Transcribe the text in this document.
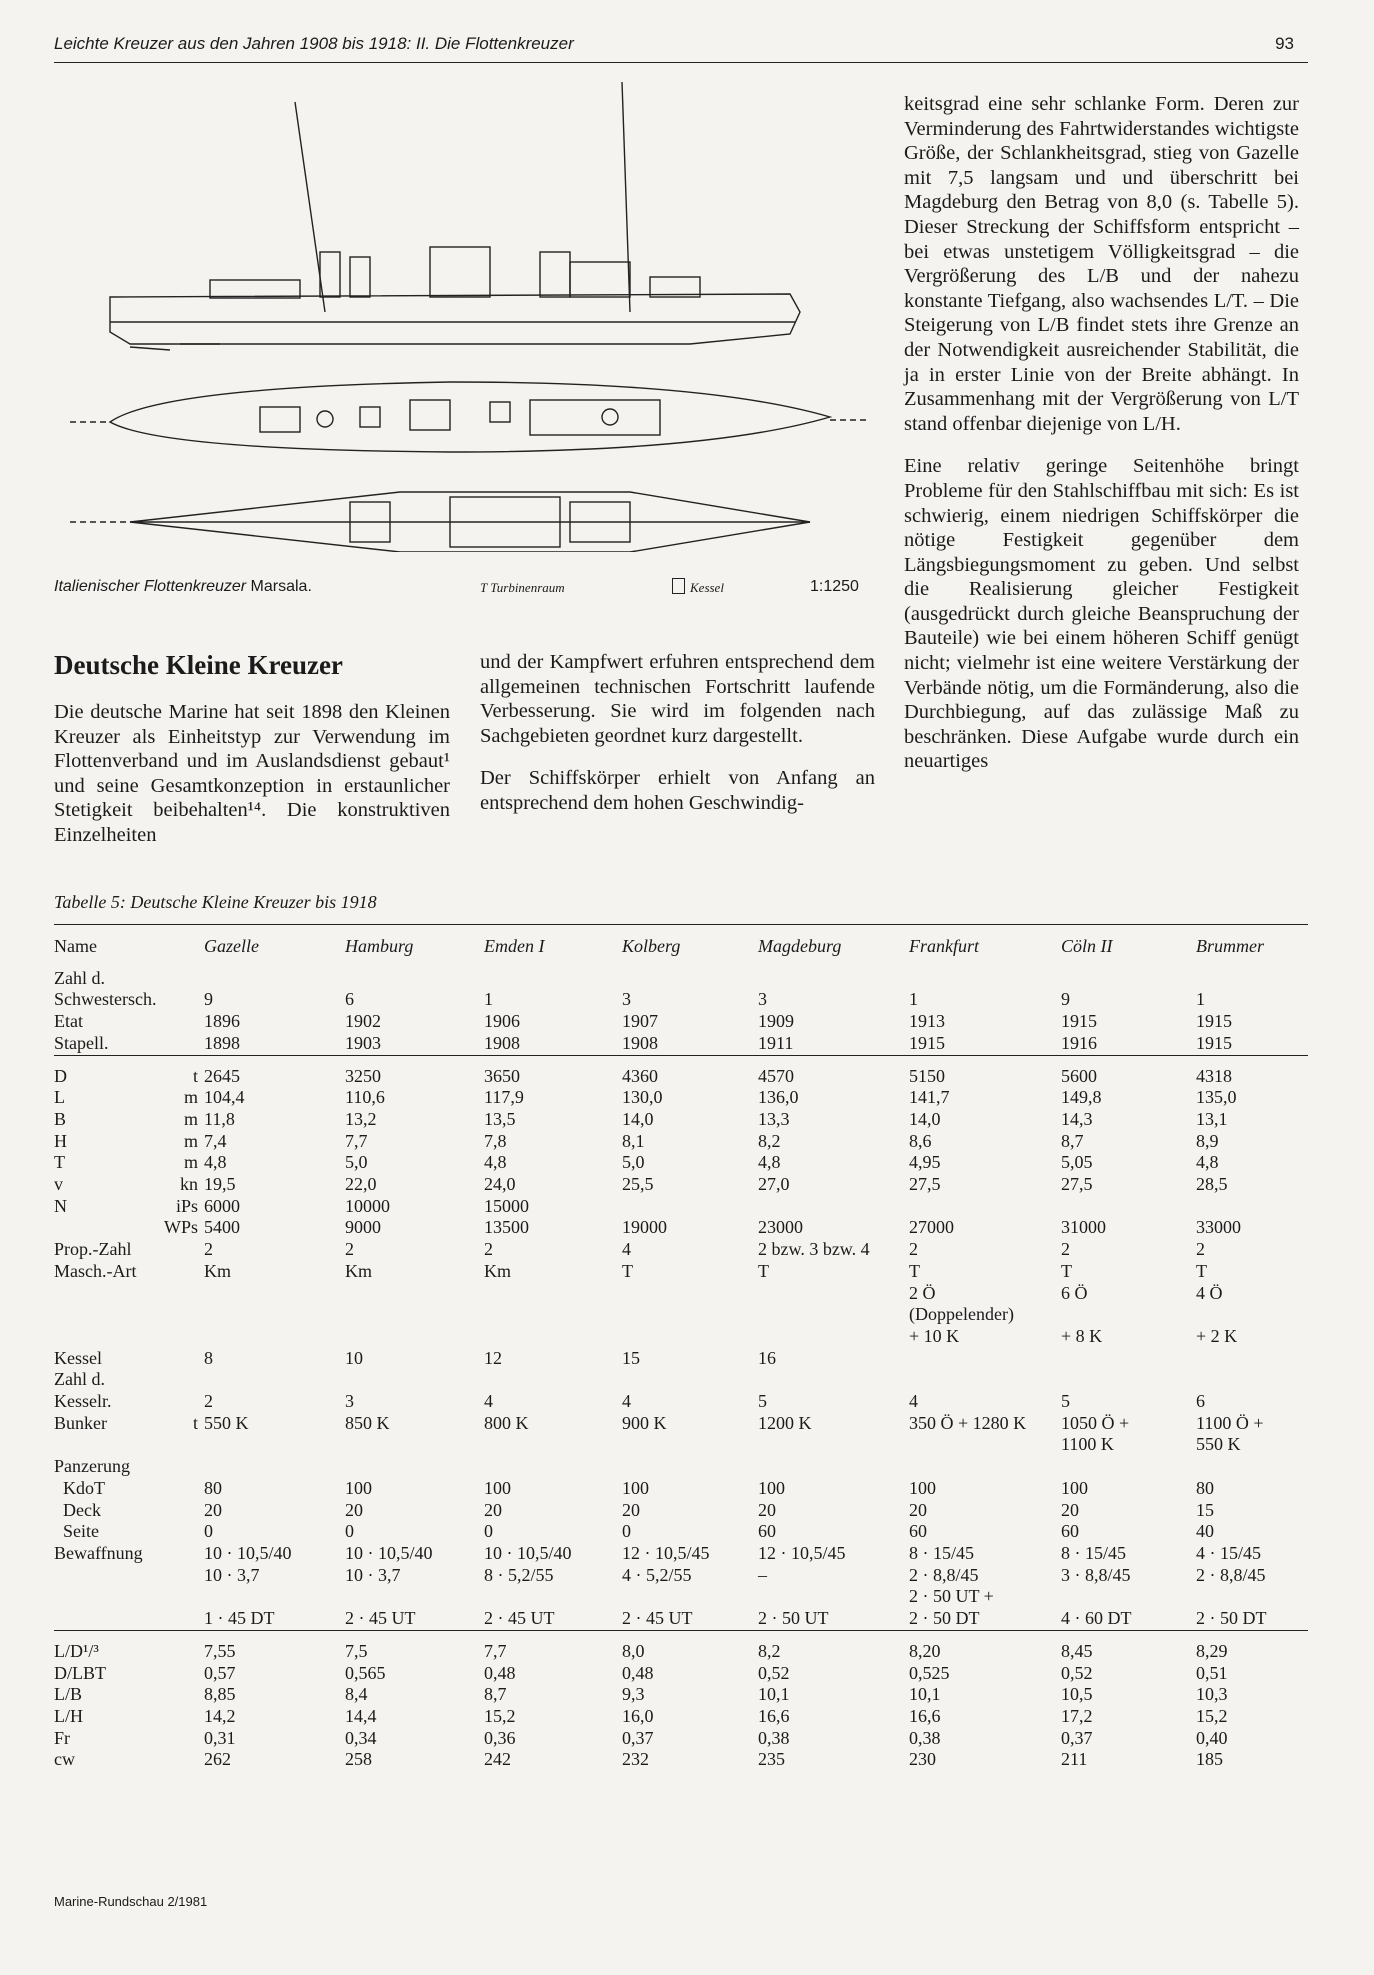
Leichte Kreuzer aus den Jahren 1908 bis 1918: II. Die Flottenkreuzer	93
Italienischer Flottenkreuzer Marsala.	T Turbinenraum	Kessel	1:1250
Deutsche Kleine Kreuzer

Die deutsche Marine hat seit 1898 den Kleinen Kreuzer als Einheitstyp zur Verwendung im Flottenverband und im Auslandsdienst gebaut¹ und seine Gesamtkonzeption in erstaunlicher Stetigkeit beibehalten¹⁴. Die konstruktiven Einzelheiten

und der Kampfwert erfuhren entsprechend dem allgemeinen technischen Fortschritt laufende Verbesserung. Sie wird im folgenden nach Sachgebieten geordnet kurz dargestellt.

Der Schiffskörper erhielt von Anfang an entsprechend dem hohen Geschwindig-

keitsgrad eine sehr schlanke Form. Deren zur Verminderung des Fahrtwiderstandes wichtigste Größe, der Schlankheitsgrad, stieg von Gazelle mit 7,5 langsam und und überschritt bei Magdeburg den Betrag von 8,0 (s. Tabelle 5). Dieser Streckung der Schiffsform entspricht – bei etwas unstetigem Völligkeitsgrad – die Vergrößerung des L/B und der nahezu konstante Tiefgang, also wachsendes L/T. – Die Steigerung von L/B findet stets ihre Grenze an der Notwendigkeit ausreichender Stabilität, die ja in erster Linie von der Breite abhängt. In Zusammenhang mit der Vergrößerung von L/T stand offenbar diejenige von L/H.

Eine relativ geringe Seitenhöhe bringt Probleme für den Stahlschiffbau mit sich: Es ist schwierig, einem niedrigen Schiffskörper die nötige Festigkeit gegenüber dem Längsbiegungsmoment zu geben. Und selbst die Realisierung gleicher Festigkeit (ausgedrückt durch gleiche Beanspruchung der Bauteile) wie bei einem höheren Schiff genügt nicht; vielmehr ist eine weitere Verstärkung der Verbände nötig, um die Formänderung, also die Durchbiegung, auf das zulässige Maß zu beschränken. Diese Aufgabe wurde durch ein neuartiges

Tabelle 5: Deutsche Kleine Kreuzer bis 1918
Name	Gazelle	Hamburg	Emden I	Kolberg	Magdeburg	Frankfurt	Cöln II	Brummer
Zahl d.								
Schwestersch.	9	6	1	3	3	1	9	1
Etat	1896	1902	1906	1907	1909	1913	1915	1915
Stapell.	1898	1903	1908	1908	1911	1915	1916	1915

D t	2645	3250	3650	4360	4570	5150	5600	4318
L m	104,4	110,6	117,9	130,0	136,0	141,7	149,8	135,0
B m	11,8	13,2	13,5	14,0	13,3	14,0	14,3	13,1
H m	7,4	7,7	7,8	8,1	8,2	8,6	8,7	8,9
T m	4,8	5,0	4,8	5,0	4,8	4,95	5,05	4,8
v kn	19,5	22,0	24,0	25,5	27,0	27,5	27,5	28,5
N iPs	6000	10000	15000					

WPs	5400	9000	13500	19000	23000	27000	31000	33000
Prop.-Zahl	2	2	2	4	2 bzw. 3 bzw. 4	2	2	2
Masch.-Art	Km	Km	Km	T	T	T	T	T
						2 Ö	6 Ö	4 Ö
						(Doppelender)		
						+ 10 K	+ 8 K	+ 2 K
Kessel	8	10	12	15	16			
Zahl d.								
Kesselr.	2	3	4	4	5	4	5	6
Bunker t	550 K	850 K	800 K	900 K	1200 K	350 Ö + 1280 K	1050 Ö +	1100 Ö +
							1100 K	550 K

Panzerung								
KdoT	80	100	100	100	100	100	100	80
Deck	20	20	20	20	20	20	20	15
Seite	0	0	0	0	60	60	60	40

Bewaffnung	10 · 10,5/40	10 · 10,5/40	10 · 10,5/40	12 · 10,5/45	12 · 10,5/45	8 · 15/45	8 · 15/45	4 · 15/45
	10 · 3,7	10 · 3,7	8 · 5,2/55	4 · 5,2/55	–	2 · 8,8/45	3 · 8,8/45	2 · 8,8/45
						2 · 50 UT +		
	1 · 45 DT	2 · 45 UT	2 · 45 UT	2 · 45 UT	2 · 50 UT	2 · 50 DT	4 · 60 DT	2 · 50 DT

L/D¹/³	7,55	7,5	7,7	8,0	8,2	8,20	8,45	8,29
D/LBT	0,57	0,565	0,48	0,48	0,52	0,525	0,52	0,51
L/B	8,85	8,4	8,7	9,3	10,1	10,1	10,5	10,3
L/H	14,2	14,4	15,2	16,0	16,6	16,6	17,2	15,2
Fr	0,31	0,34	0,36	0,37	0,38	0,38	0,37	0,40
cw	262	258	242	232	235	230	211	185
Marine-Rundschau 2/1981
